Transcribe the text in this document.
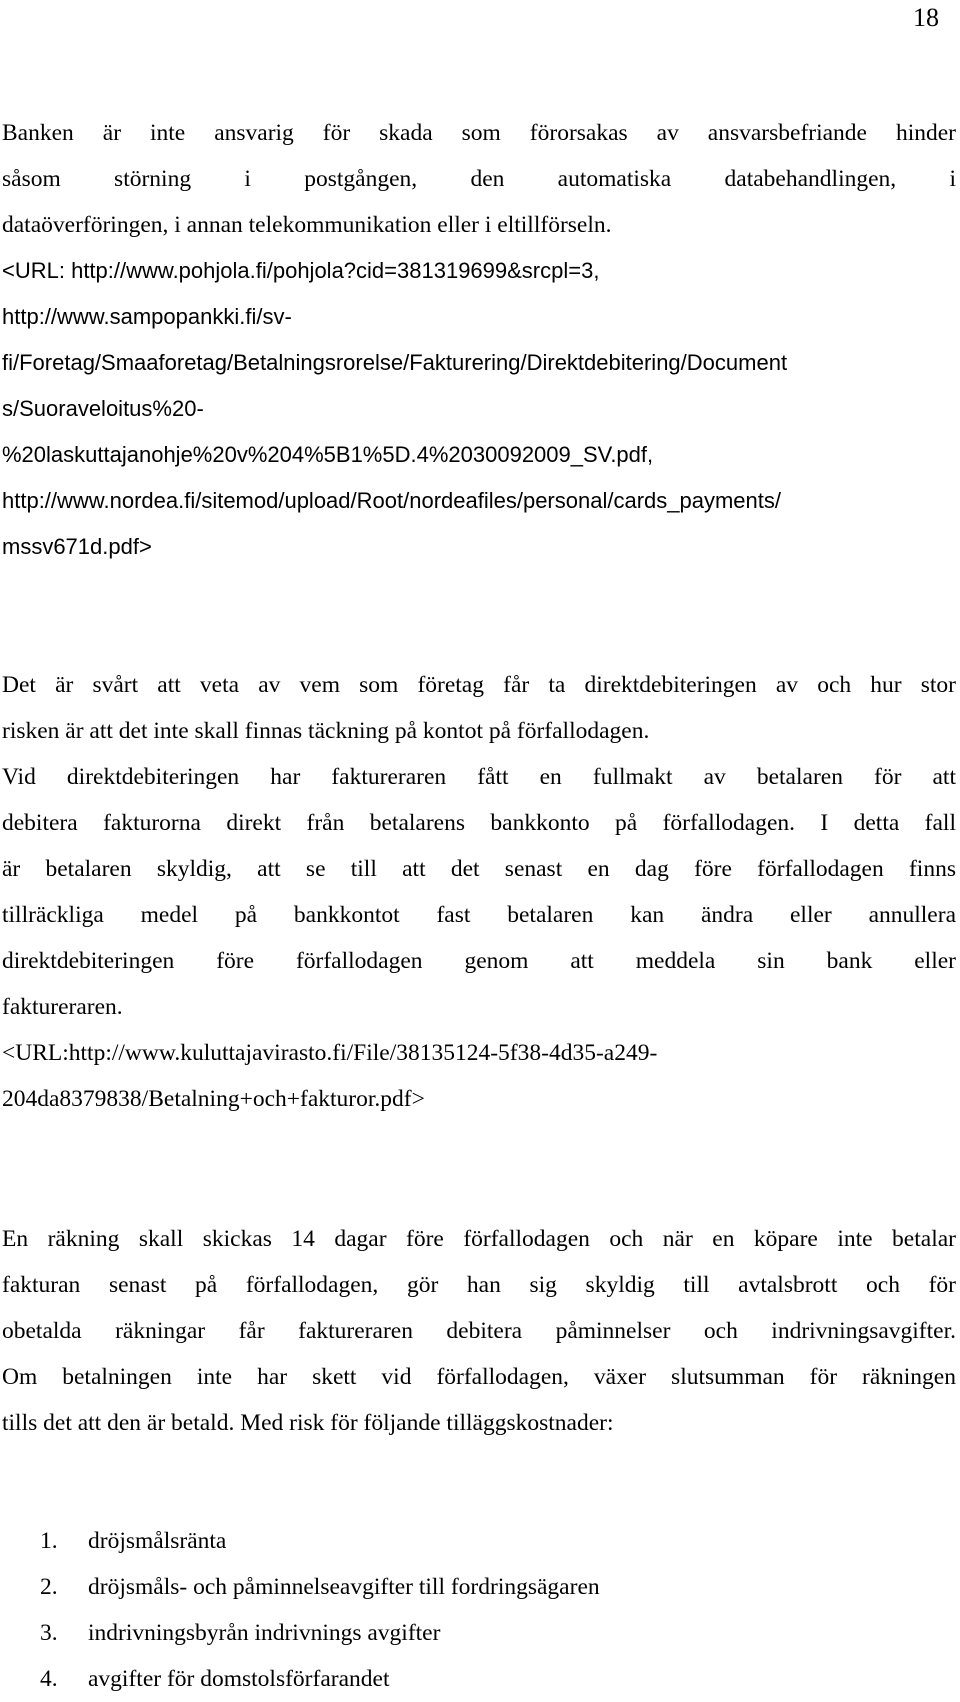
18
Banken är inte ansvarig för skada som förorsakas av ansvarsbefriande hinder
såsom störning i postgången, den automatiska databehandlingen, i
dataöverföringen, i annan telekommunikation eller i eltillförseln.
<URL: http://www.pohjola.fi/pohjola?cid=381319699&srcpl=3,
http://www.sampopankki.fi/sv-
fi/Foretag/Smaaforetag/Betalningsrorelse/Fakturering/Direktdebitering/Document
s/Suoraveloitus%20-
%20laskuttajanohje%20v%204%5B1%5D.4%2030092009_SV.pdf,
http://www.nordea.fi/sitemod/upload/Root/nordeafiles/personal/cards_payments/
mssv671d.pdf>
Det är svårt att veta av vem som företag får ta direktdebiteringen av och hur stor
risken är att det inte skall finnas täckning på kontot på förfallodagen.
Vid direktdebiteringen har faktureraren fått en fullmakt av betalaren för att
debitera fakturorna direkt från betalarens bankkonto på förfallodagen. I detta fall
är betalaren skyldig, att se till att det senast en dag före förfallodagen finns
tillräckliga medel på bankkontot fast betalaren kan ändra eller annullera
direktdebiteringen före förfallodagen genom att meddela sin bank eller
faktureraren.
<URL:http://www.kuluttajavirasto.fi/File/38135124-5f38-4d35-a249-
204da8379838/Betalning+och+fakturor.pdf>
En räkning skall skickas 14 dagar före förfallodagen och när en köpare inte betalar
fakturan senast på förfallodagen, gör han sig skyldig till avtalsbrott och för
obetalda räkningar får faktureraren debitera påminnelser och indrivningsavgifter.
Om betalningen inte har skett vid förfallodagen, växer slutsumman för räkningen
tills det att den är betald. Med risk för följande tilläggskostnader:
1. dröjsmålsränta
2. dröjsmåls- och påminnelseavgifter till fordringsägaren
3. indrivningsbyrån indrivnings avgifter
4. avgifter för domstolsförfarandet
